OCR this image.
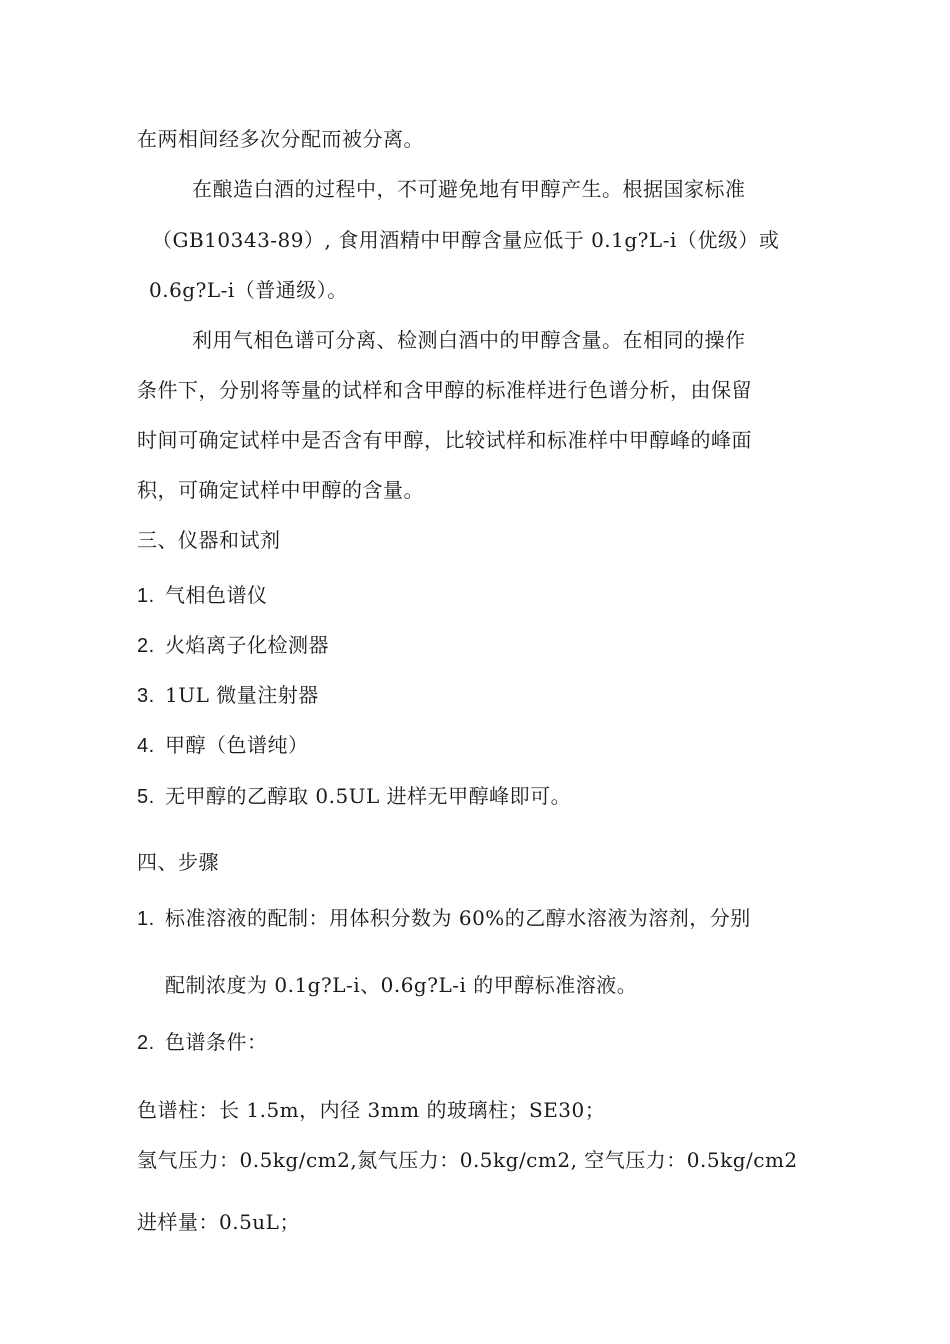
在两相间经多次分配而被分离。
在酿造白酒的过程中，不可避免地有甲醇产生。根据国家标准
（GB10343-89）, 食用酒精中甲醇含量应低于 0.1g?L-i（优级）或
0.6g?L-i（普通级）。
利用气相色谱可分离、检测白酒中的甲醇含量。在相同的操作
条件下，分别将等量的试样和含甲醇的标准样进行色谱分析，由保留
时间可确定试样中是否含有甲醇，比较试样和标准样中甲醇峰的峰面
积，可确定试样中甲醇的含量。
三、仪器和试剂
1. 气相色谱仪
2. 火焰离子化检测器
3. 1UL 微量注射器
4. 甲醇（色谱纯）
5. 无甲醇的乙醇取 0.5UL 进样无甲醇峰即可。
四、步骤
1. 标准溶液的配制：用体积分数为 60%的乙醇水溶液为溶剂，分别
配制浓度为 0.1g?L-i、0.6g?L-i 的甲醇标准溶液。
2. 色谱条件：
色谱柱：长 1.5m，内径 3mm 的玻璃柱；SE30；
氢气压力：0.5kg/cm2,氮气压力：0.5kg/cm2, 空气压力：0.5kg/cm2
进样量：0.5uL；
